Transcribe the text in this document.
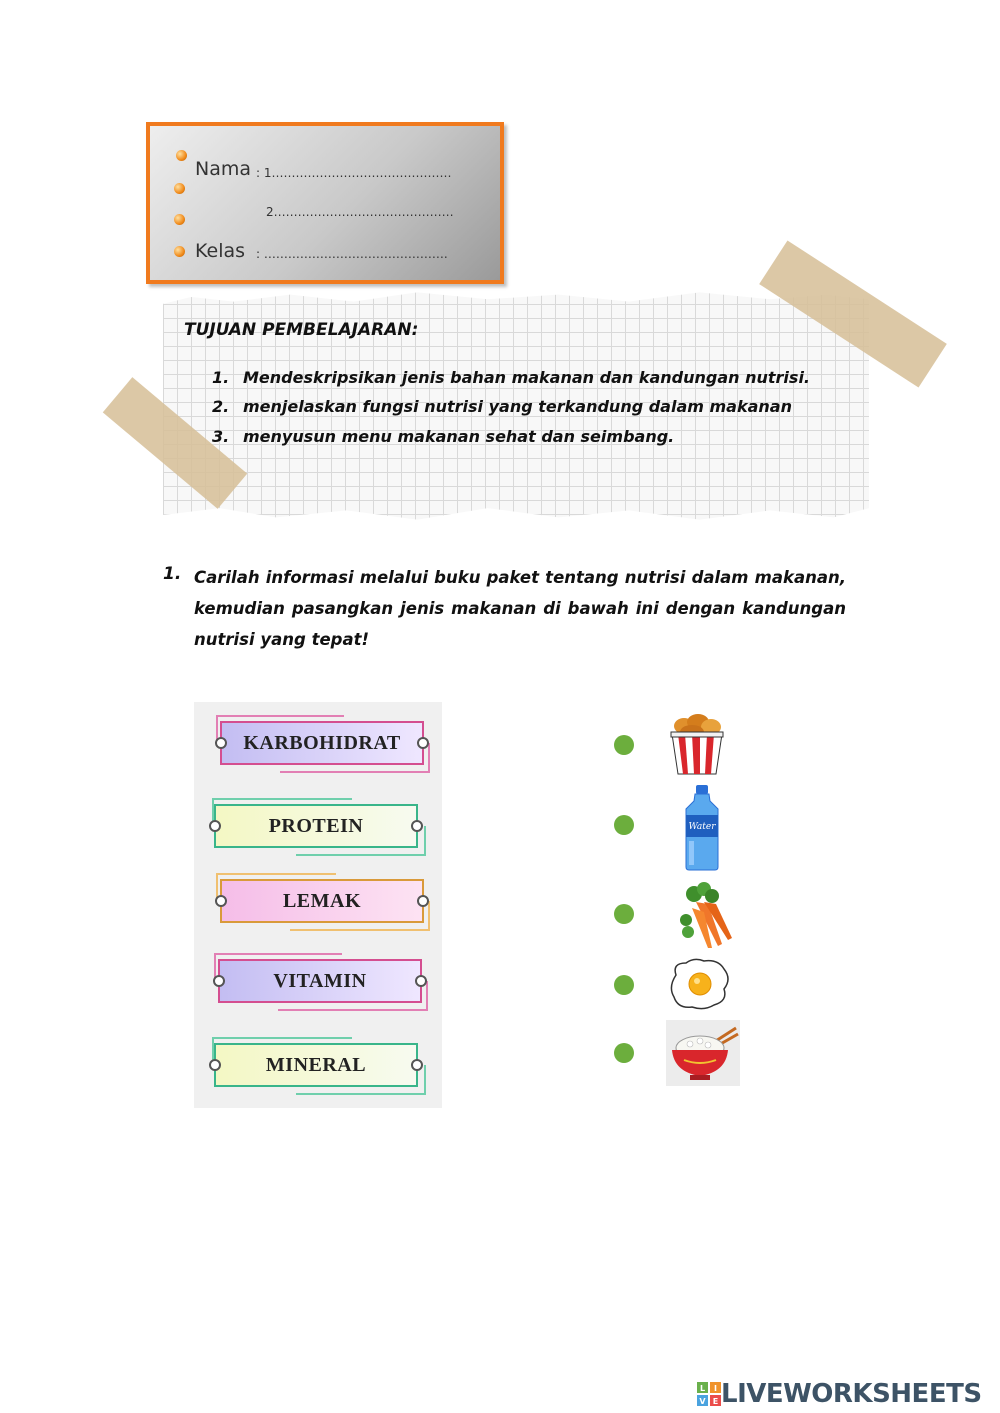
Nama : 1………………………………………
2………………………………………
Kelas : ……………………………………….
TUJUAN PEMBELAJARAN:
1. Mendeskripsikan jenis bahan makanan dan kandungan nutrisi.
2. menjelaskan fungsi nutrisi yang terkandung dalam makanan
3. menyusun menu makanan sehat dan seimbang.
1. Carilah informasi melalui buku paket tentang nutrisi dalam makanan, kemudian pasangkan jenis makanan di bawah ini dengan kandungan nutrisi yang tepat!
KARBOHIDRAT
PROTEIN
LEMAK
VITAMIN
MINERAL
Water
L I
V E LIVEWORKSHEETS
